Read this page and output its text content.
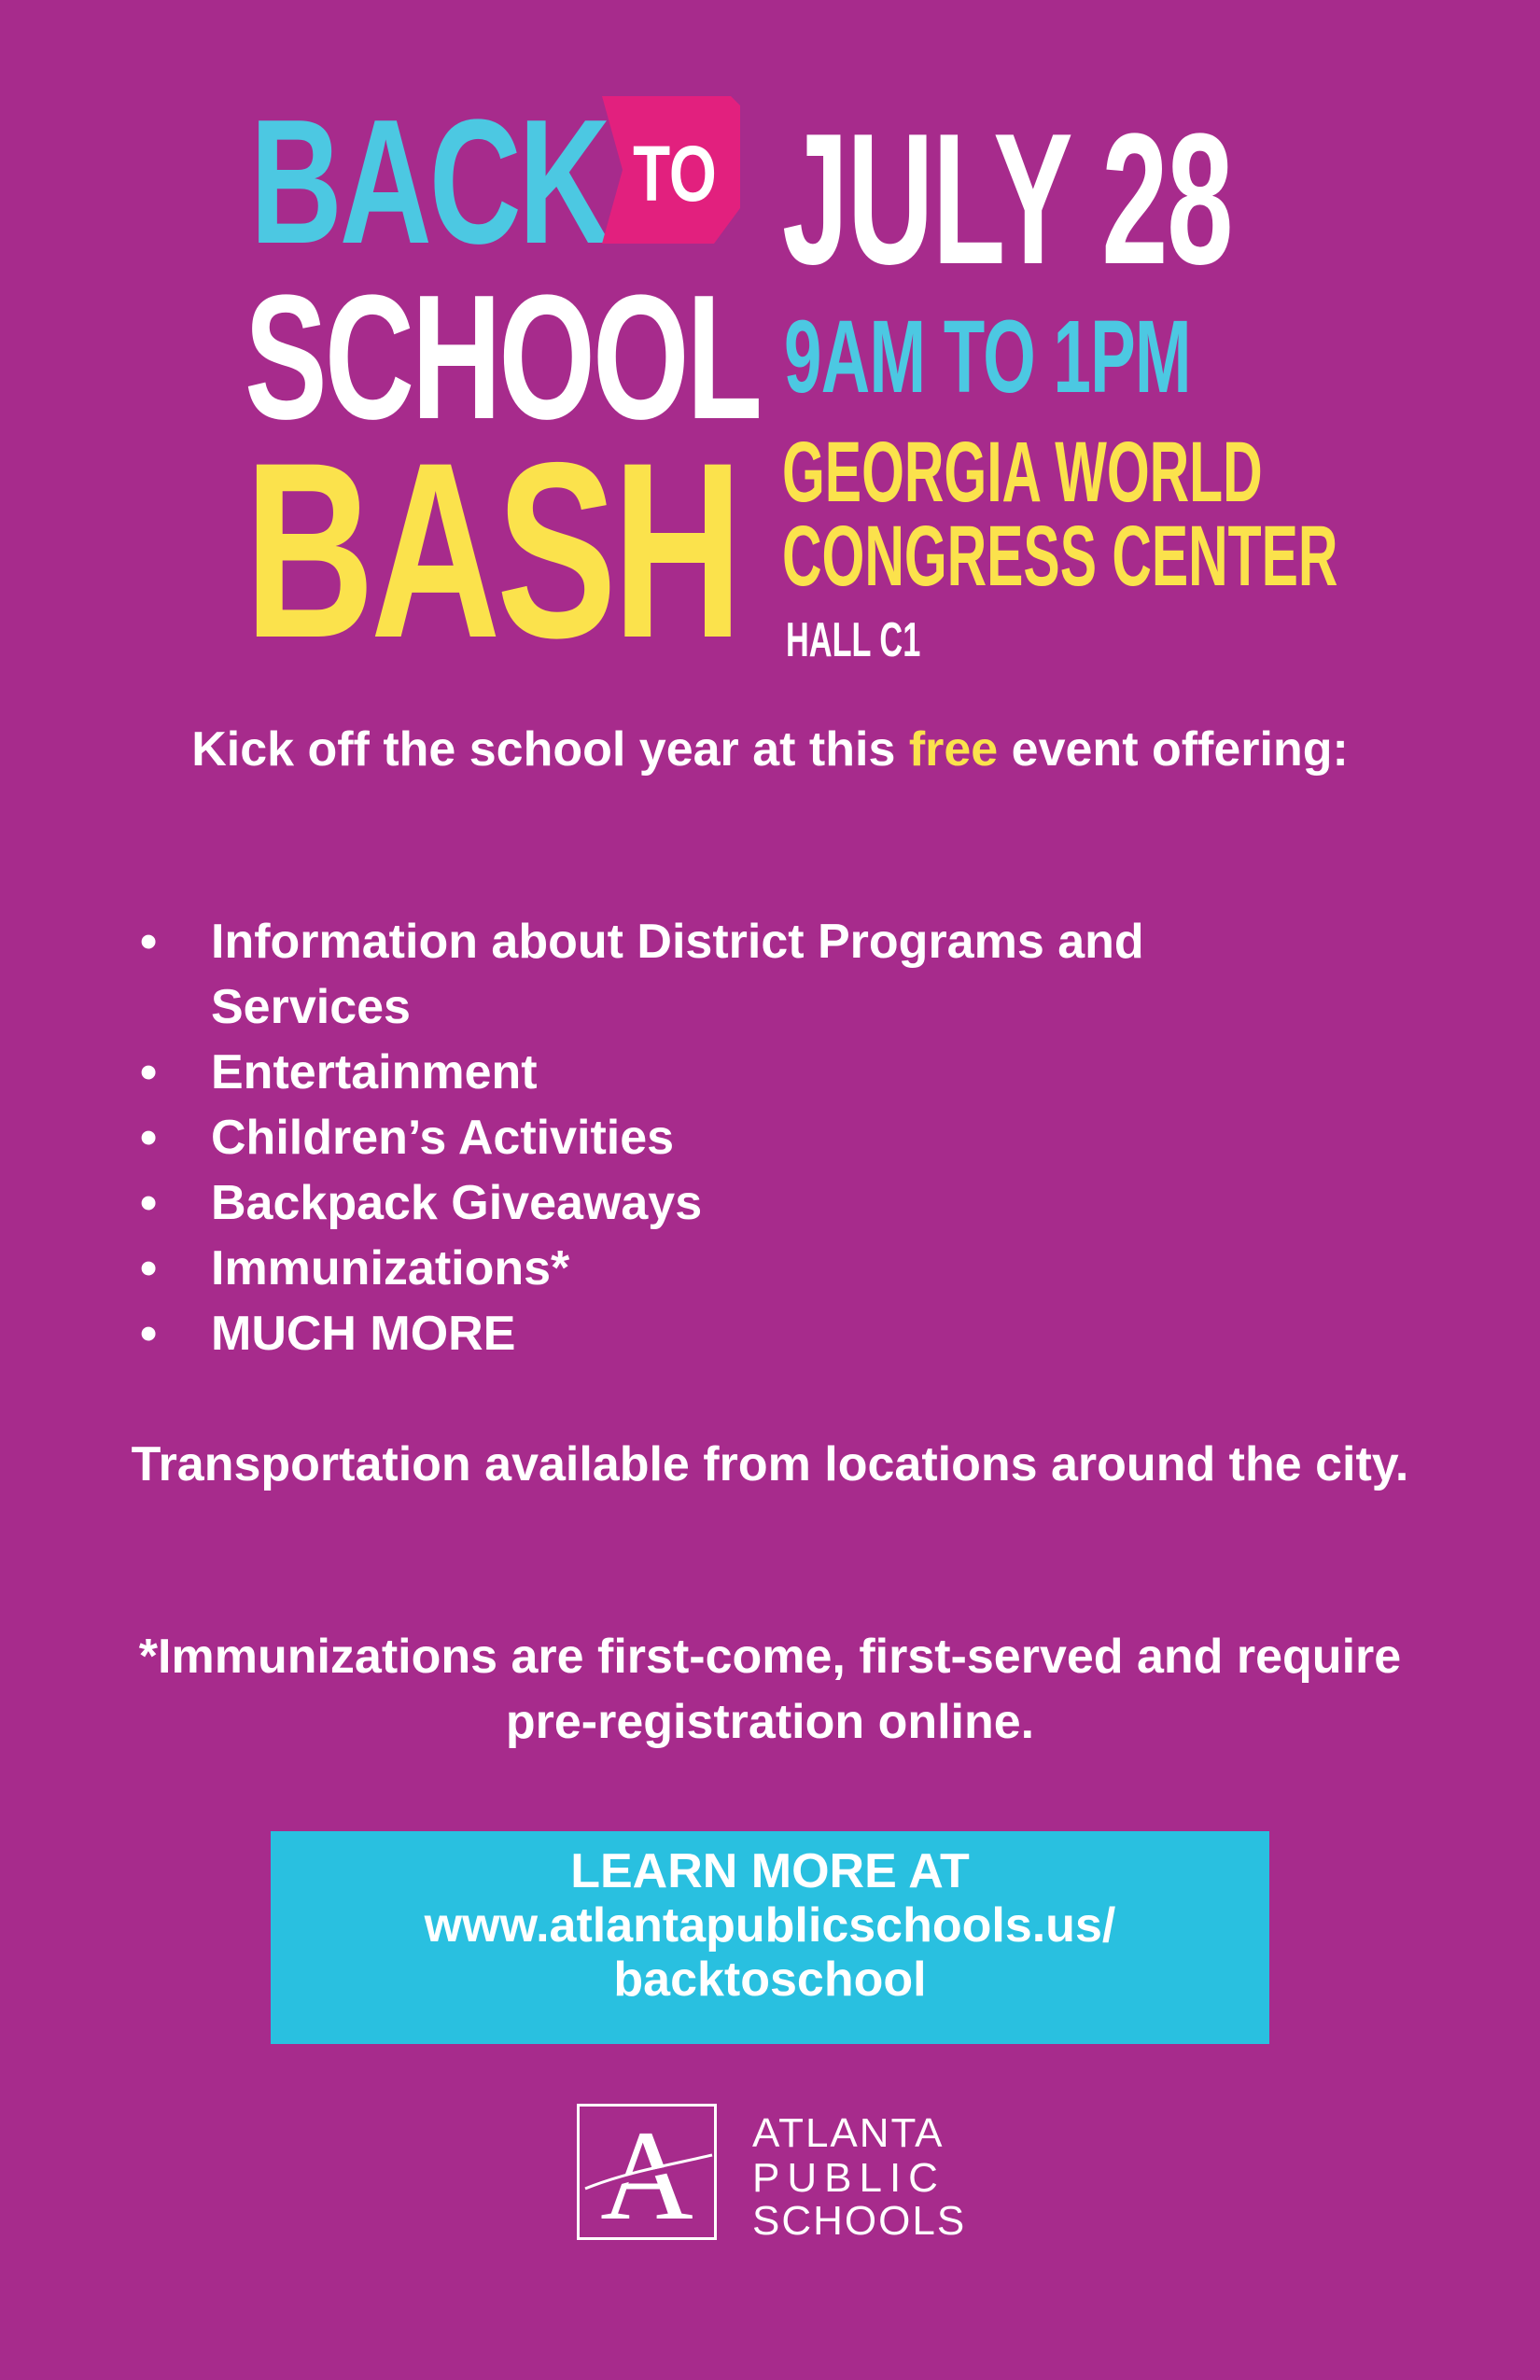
BACK TO
SCHOOL
BASH
JULY 28
9AM TO 1PM
GEORGIA WORLD
CONGRESS CENTER
HALL C1
Kick off the school year at this free event offering:
• Information about District Programs and Services
• Entertainment
• Children’s Activities
• Backpack Giveaways
• Immunizations*
• MUCH MORE
Transportation available from locations around the city.
*Immunizations are first-come, first-served and require pre-registration online.
LEARN MORE AT
www.atlantapublicschools.us/
backtoschool
A ATLANTA
PUBLIC
SCHOOLS
